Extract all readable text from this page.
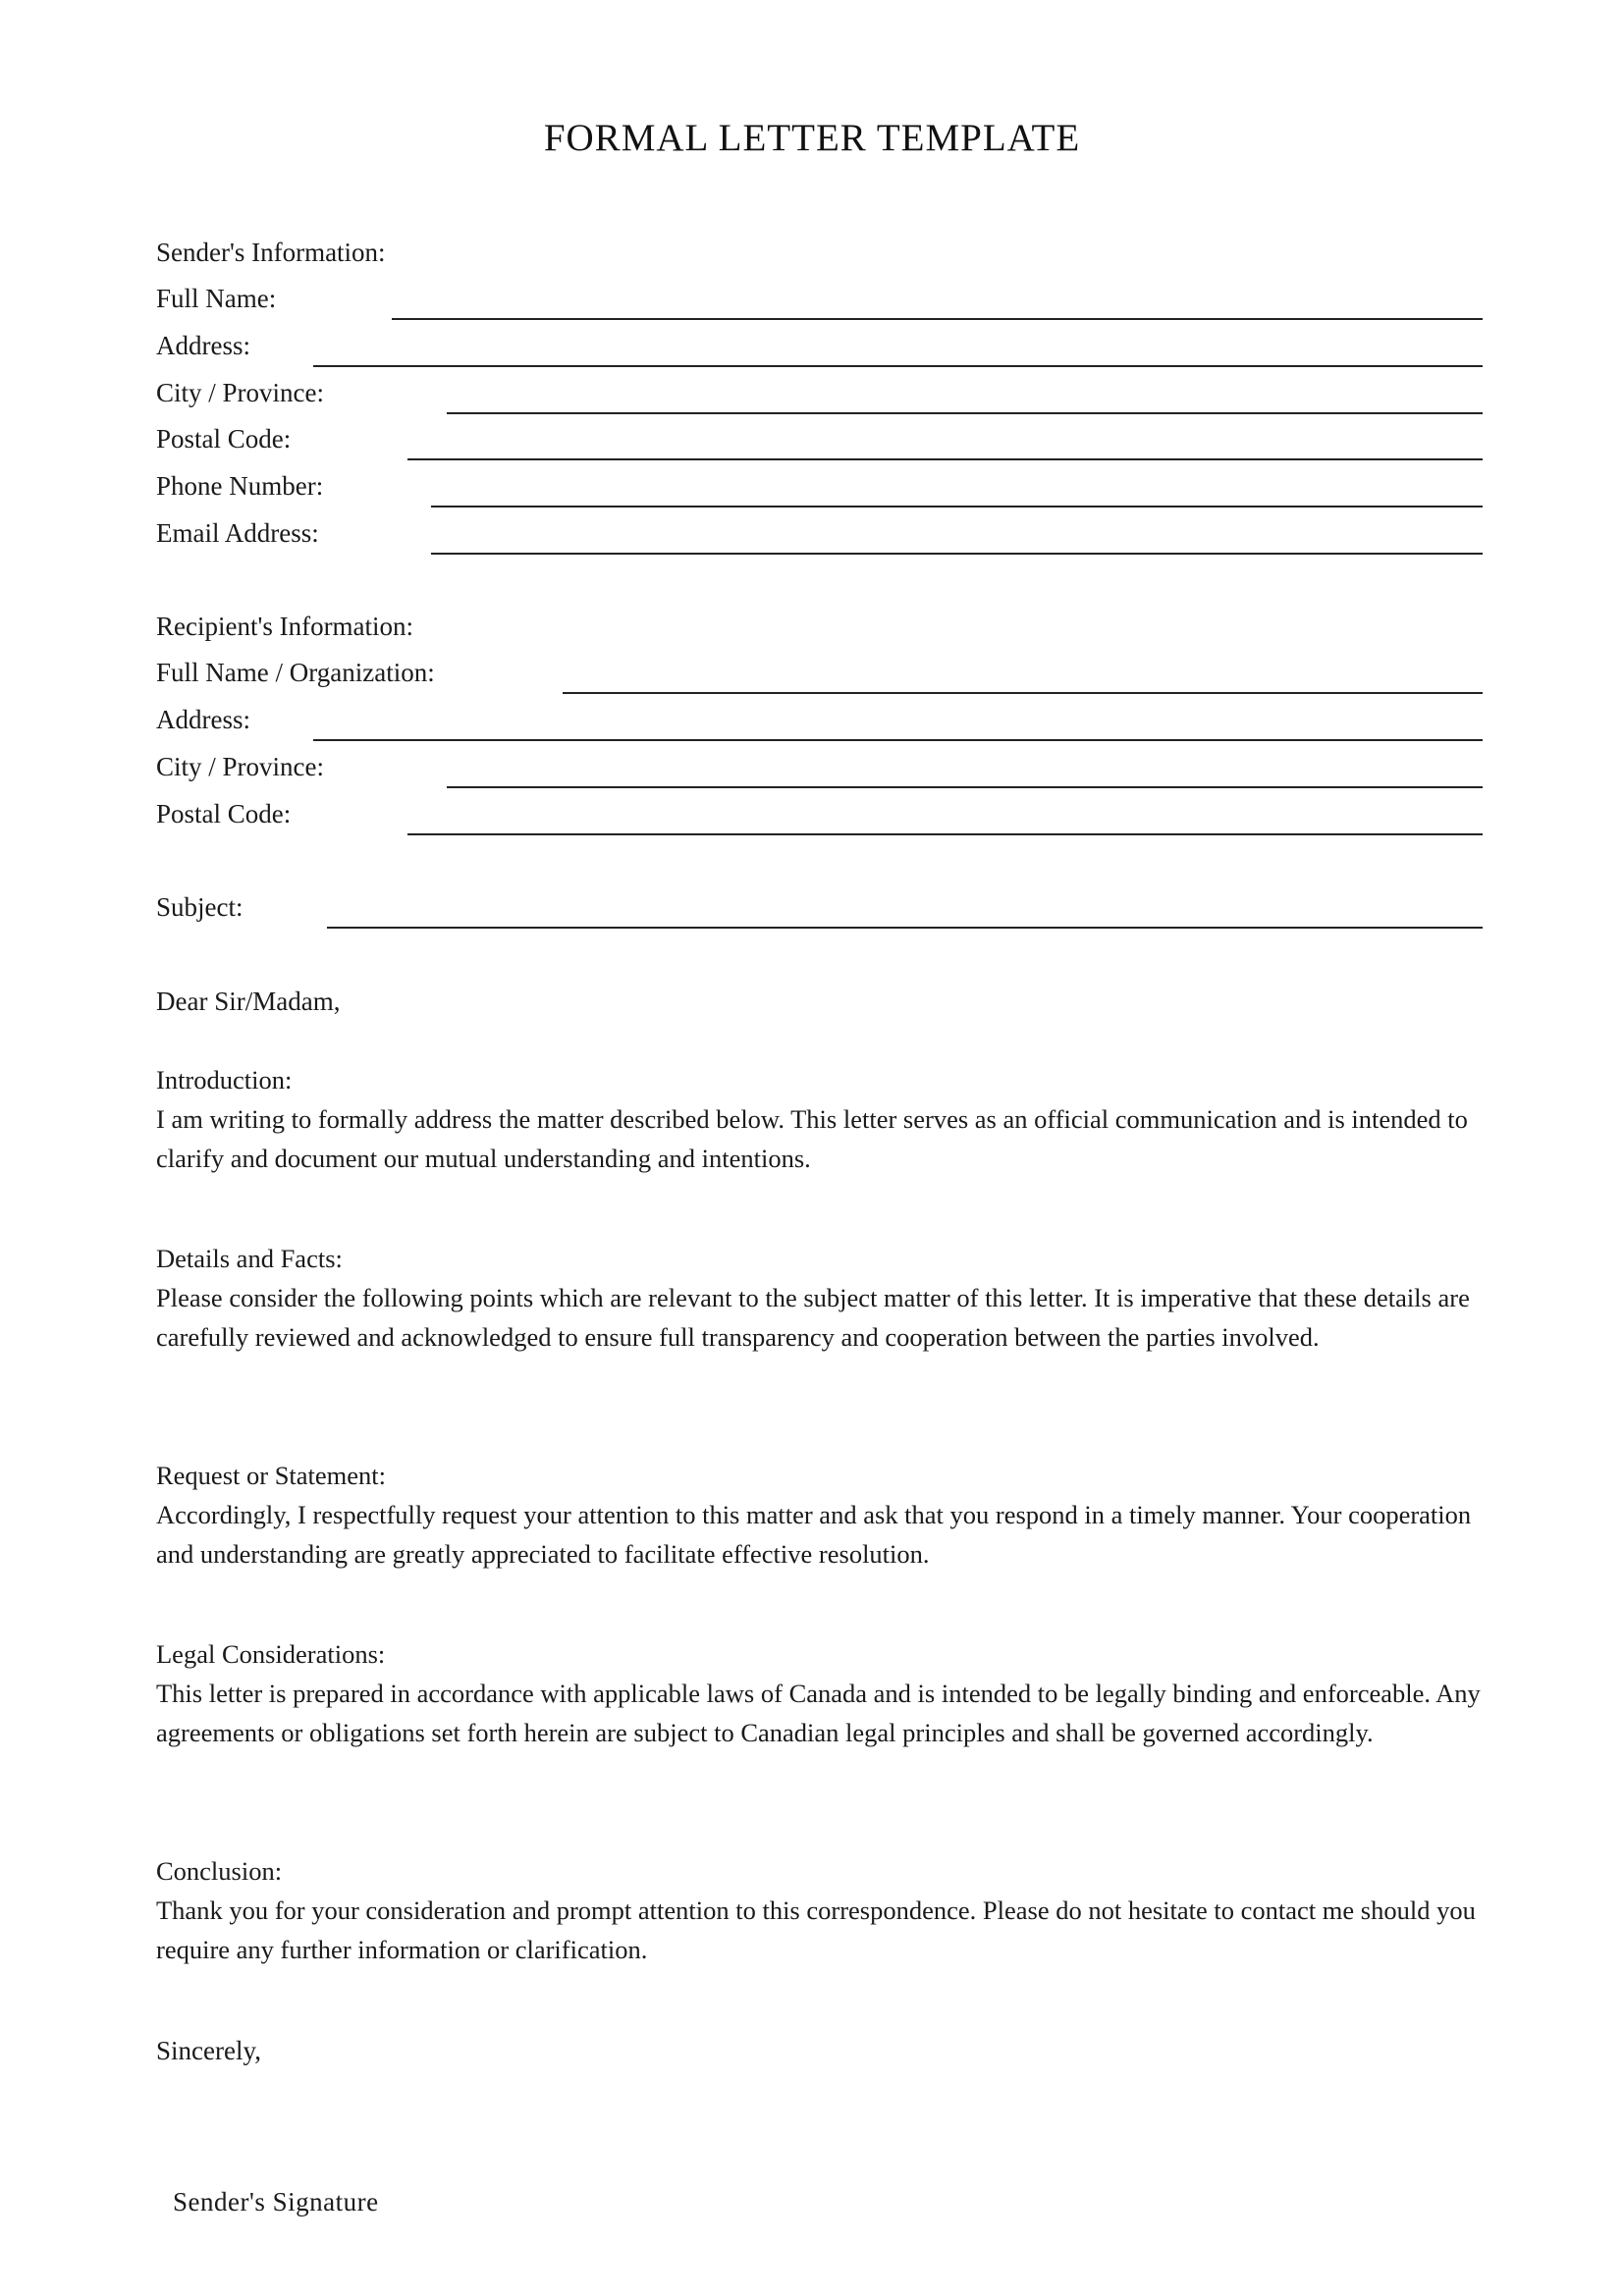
FORMAL LETTER TEMPLATE
Sender's Information:
Full Name:
Address:
City / Province:
Postal Code:
Phone Number:
Email Address:
Recipient's Information:
Full Name / Organization:
Address:
City / Province:
Postal Code:
Subject:
Dear Sir/Madam,
Introduction:
I am writing to formally address the matter described below. This letter serves as an official communication and is intended to clarify and document our mutual understanding and intentions.
Details and Facts:
Please consider the following points which are relevant to the subject matter of this letter. It is imperative that these details are carefully reviewed and acknowledged to ensure full transparency and cooperation between the parties involved.
Request or Statement:
Accordingly, I respectfully request your attention to this matter and ask that you respond in a timely manner. Your cooperation and understanding are greatly appreciated to facilitate effective resolution.
Legal Considerations:
This letter is prepared in accordance with applicable laws of Canada and is intended to be legally binding and enforceable. Any agreements or obligations set forth herein are subject to Canadian legal principles and shall be governed accordingly.
Conclusion:
Thank you for your consideration and prompt attention to this correspondence. Please do not hesitate to contact me should you require any further information or clarification.
Sincerely,
Sender's Signature
